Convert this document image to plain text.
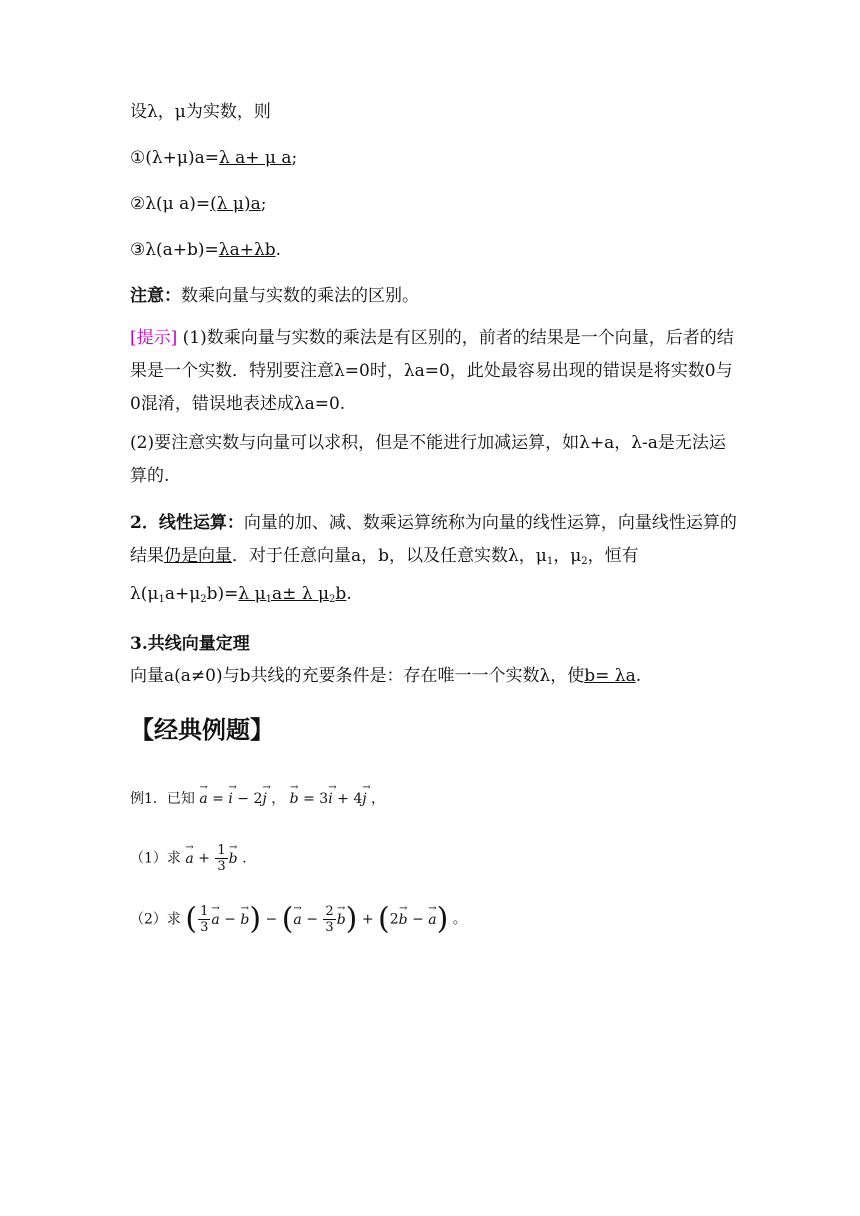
设λ，μ为实数，则
①(λ+μ)a=λ a+ μ a;
②λ(μ a)=(λ μ)a;
③λ(a+b)=λa+λb.
注意：数乘向量与实数的乘法的区别。
[提示] (1)数乘向量与实数的乘法是有区别的，前者的结果是一个向量，后者的结果是一个实数．特别要注意λ=0时，λa=0，此处最容易出现的错误是将实数0与0混淆，错误地表述成λa=0.
(2)要注意实数与向量可以求积，但是不能进行加减运算，如λ+a，λ-a是无法运算的.
2．线性运算：向量的加、减、数乘运算统称为向量的线性运算，向量线性运算的结果仍是向量．对于任意向量a，b，以及任意实数λ，$\mu_1$，$\mu_2$，恒有$\lambda(\mu_1a+\mu_2b)=\lambda$ $\mu_1a\pm \lambda$ $\mu_2b$.
3.共线向量定理
向量a(a≠0)与b共线的充要条件是：存在唯一一个实数λ，使b= λa.
【经典例题】
例1．已知 → a = → i − 2→ j ， → b = 3→ i + 4→ j ，
（1）求 → $a + \frac{1}{3}$
→ b .
（2）求 ( $\frac{1}{3}$
→ a − → b) − (→ $a - \frac{2}{3}$
→ b) + (2→ b − → a) 。
